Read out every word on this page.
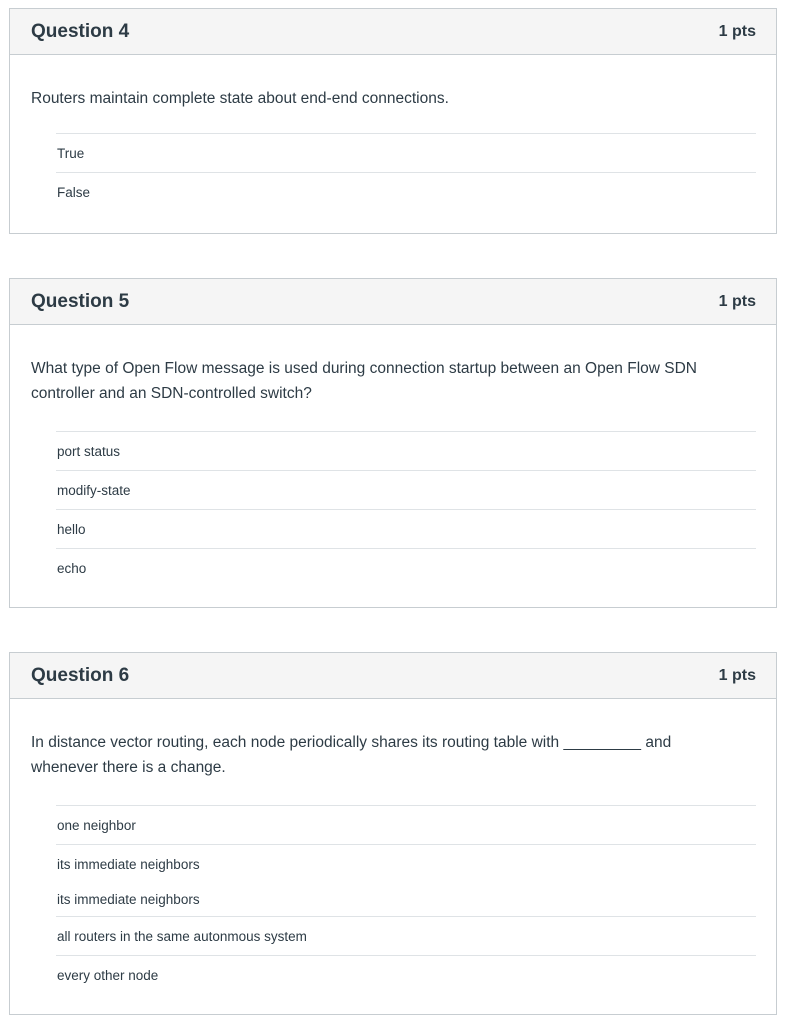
Question 4	1 pts

Routers maintain complete state about end-end connections.

True
False
Question 5	1 pts

What type of Open Flow message is used during connection startup between an Open Flow SDN controller and an SDN-controlled switch?

port status
modify-state
hello
echo
Question 6	1 pts

In distance vector routing, each node periodically shares its routing table with _________ and whenever there is a change.

one neighbor
its immediate neighbors
its immediate neighbors
all routers in the same autonmous system
every other node
